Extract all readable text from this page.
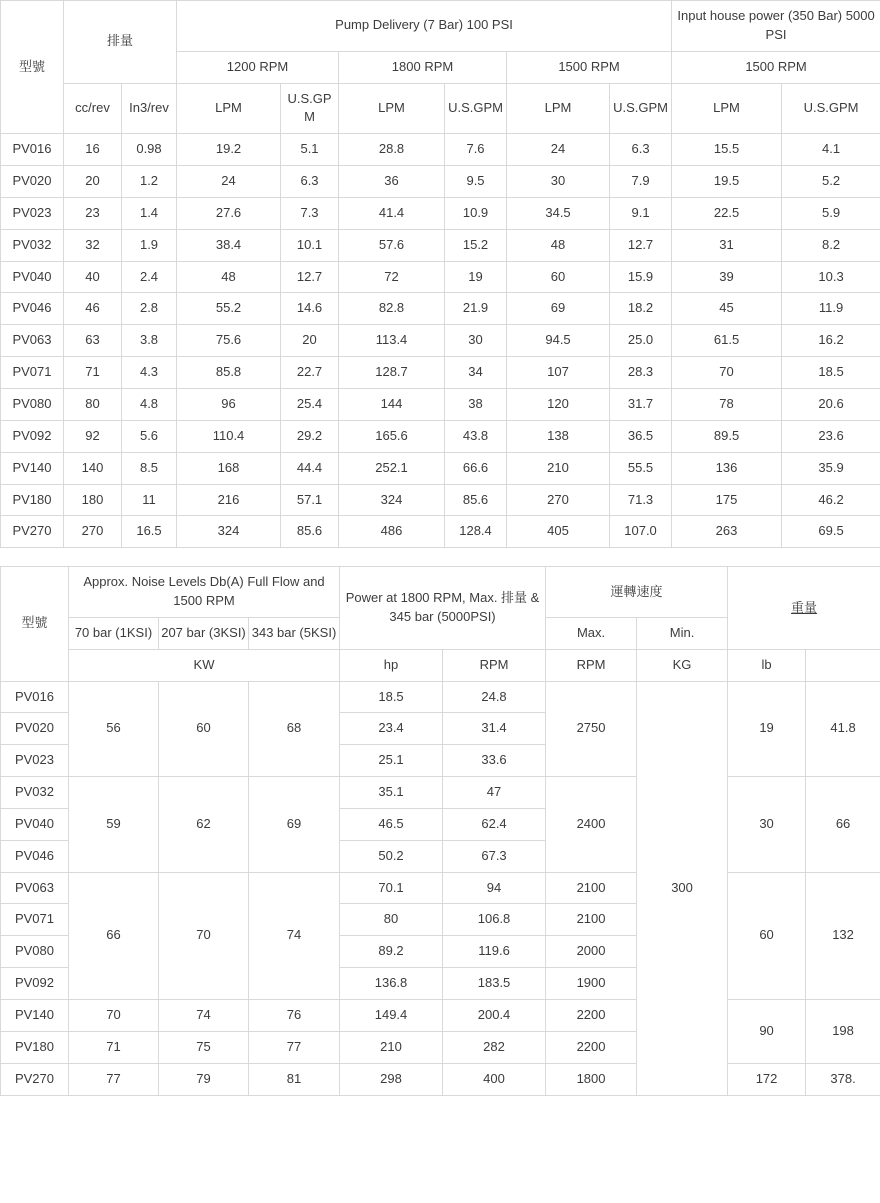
型號	排量		Pump Delivery (7 Bar) 100 PSI						Input house power (350 Bar) 5000 PSI		
			1200 RPM		1800 RPM		1500 RPM		1500 RPM		
	cc/rev	In3/rev	LPM	U.S.GPM	LPM	U.S.GPM	LPM	U.S.GPM	LPM	U.S.GPM	
PV016	16	0.98	19.2	5.1	28.8	7.6	24	6.3	15.5	4.1	
PV020	20	1.2	24	6.3	36	9.5	30	7.9	19.5	5.2	
PV023	23	1.4	27.6	7.3	41.4	10.9	34.5	9.1	22.5	5.9	
PV032	32	1.9	38.4	10.1	57.6	15.2	48	12.7	31	8.2	
PV040	40	2.4	48	12.7	72	19	60	15.9	39	10.3	
PV046	46	2.8	55.2	14.6	82.8	21.9	69	18.2	45	11.9	
PV063	63	3.8	75.6	20	113.4	30	94.5	25.0	61.5	16.2	
PV071	71	4.3	85.8	22.7	128.7	34	107	28.3	70	18.5	
PV080	80	4.8	96	25.4	144	38	120	31.7	78	20.6	
PV092	92	5.6	110.4	29.2	165.6	43.8	138	36.5	89.5	23.6	
PV140	140	8.5	168	44.4	252.1	66.6	210	55.5	136	35.9	
PV180	180	11	216	57.1	324	85.6	270	71.3	175	46.2	
PV270	270	16.5	324	85.6	486	128.4	405	107.0	263	69.5	
型號	Approx. Noise Levels Db(A) Full Flow and 1500 RPM			Power at 1800 RPM, Max. 排量 & 345 bar (5000PSI)		運轉速度		重量	
	70 bar (1KSI)	207 bar (3KSI)	343 bar (5KSI)			Max.	Min.		
	KW			hp	RPM	RPM	KG	lb	
PV016	56	60	68	18.5	24.8	2750	300	19	41.8
PV020				23.4	31.4				
PV023				25.1	33.6				
PV032	59	62	69	35.1	47	2400		30	66
PV040				46.5	62.4				
PV046				50.2	67.3				
PV063	66	70	74	70.1	94	2100		60	132
PV071				80	106.8	2100			
PV080				89.2	119.6	2000			
PV092				136.8	183.5	1900			
PV140	70	74	76	149.4	200.4	2200		90	198
PV180	71	75	77	210	282	2200			
PV270	77	79	81	298	400	1800		172	378.
